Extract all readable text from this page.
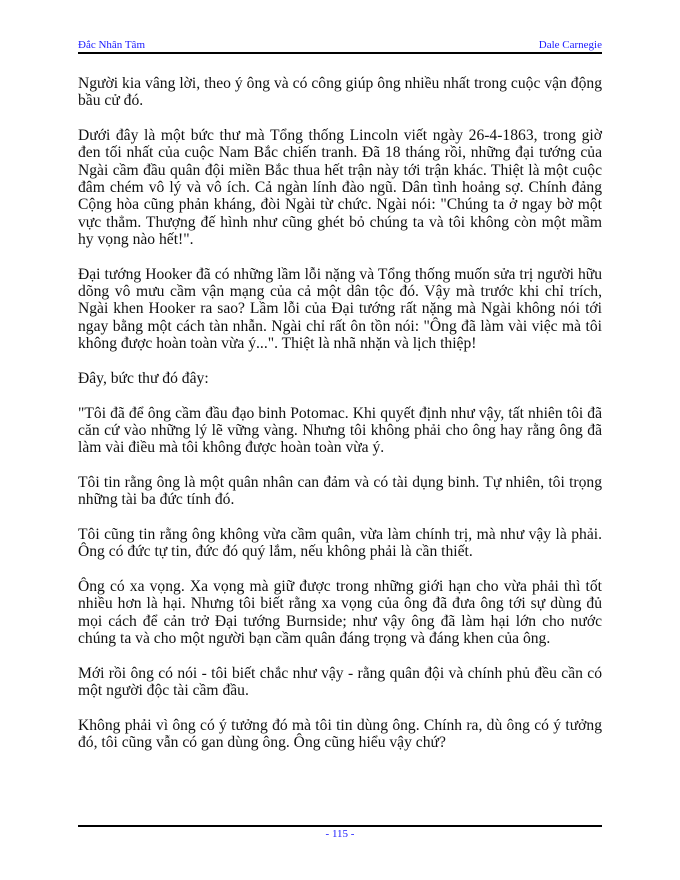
Đắc Nhân Tâm	Dale Carnegie

Người kia vâng lời, theo ý ông và có công giúp ông nhiều nhất trong cuộc vận động bầu cử đó.

Dưới đây là một bức thư mà Tổng thống Lincoln viết ngày 26-4-1863, trong giờ đen tối nhất của cuộc Nam Bắc chiến tranh. Đã 18 tháng rồi, những đại tướng của Ngài cầm đầu quân đội miền Bắc thua hết trận này tới trận khác. Thiệt là một cuộc đâm chém vô lý và vô ích. Cả ngàn lính đào ngũ. Dân tình hoảng sợ. Chính đảng Cộng hòa cũng phản kháng, đòi Ngài từ chức. Ngài nói: "Chúng ta ở ngay bờ một vực thẳm. Thượng đế hình như cũng ghét bỏ chúng ta và tôi không còn một mầm hy vọng nào hết!".

Đại tướng Hooker đã có những lầm lỗi nặng và Tổng thống muốn sửa trị người hữu dõng vô mưu cầm vận mạng của cả một dân tộc đó. Vậy mà trước khi chỉ trích, Ngài khen Hooker ra sao? Lầm lỗi của Đại tướng rất nặng mà Ngài không nói tới ngay bằng một cách tàn nhẫn. Ngài chỉ rất ôn tồn nói: "Ông đã làm vài việc mà tôi không được hoàn toàn vừa ý...". Thiệt là nhã nhặn và lịch thiệp!

Đây, bức thư đó đây:

"Tôi đã để ông cầm đầu đạo binh Potomac. Khi quyết định như vậy, tất nhiên tôi đã căn cứ vào những lý lẽ vững vàng. Nhưng tôi không phải cho ông hay rằng ông đã làm vài điều mà tôi không được hoàn toàn vừa ý.

Tôi tin rằng ông là một quân nhân can đảm và có tài dụng binh. Tự nhiên, tôi trọng những tài ba đức tính đó.

Tôi cũng tin rằng ông không vừa cầm quân, vừa làm chính trị, mà như vậy là phải. Ông có đức tự tin, đức đó quý lắm, nếu không phải là cần thiết.

Ông có xa vọng. Xa vọng mà giữ được trong những giới hạn cho vừa phải thì tốt nhiều hơn là hại. Nhưng tôi biết rằng xa vọng của ông đã đưa ông tới sự dùng đủ mọi cách để cản trở Đại tướng Burnside; như vậy ông đã làm hại lớn cho nước chúng ta và cho một người bạn cầm quân đáng trọng và đáng khen của ông.

Mới rồi ông có nói - tôi biết chắc như vậy - rằng quân đội và chính phủ đều cần có một người độc tài cầm đầu.

Không phải vì ông có ý tưởng đó mà tôi tin dùng ông. Chính ra, dù ông có ý tưởng đó, tôi cũng vẫn có gan dùng ông. Ông cũng hiểu vậy chứ?

- 115 -
